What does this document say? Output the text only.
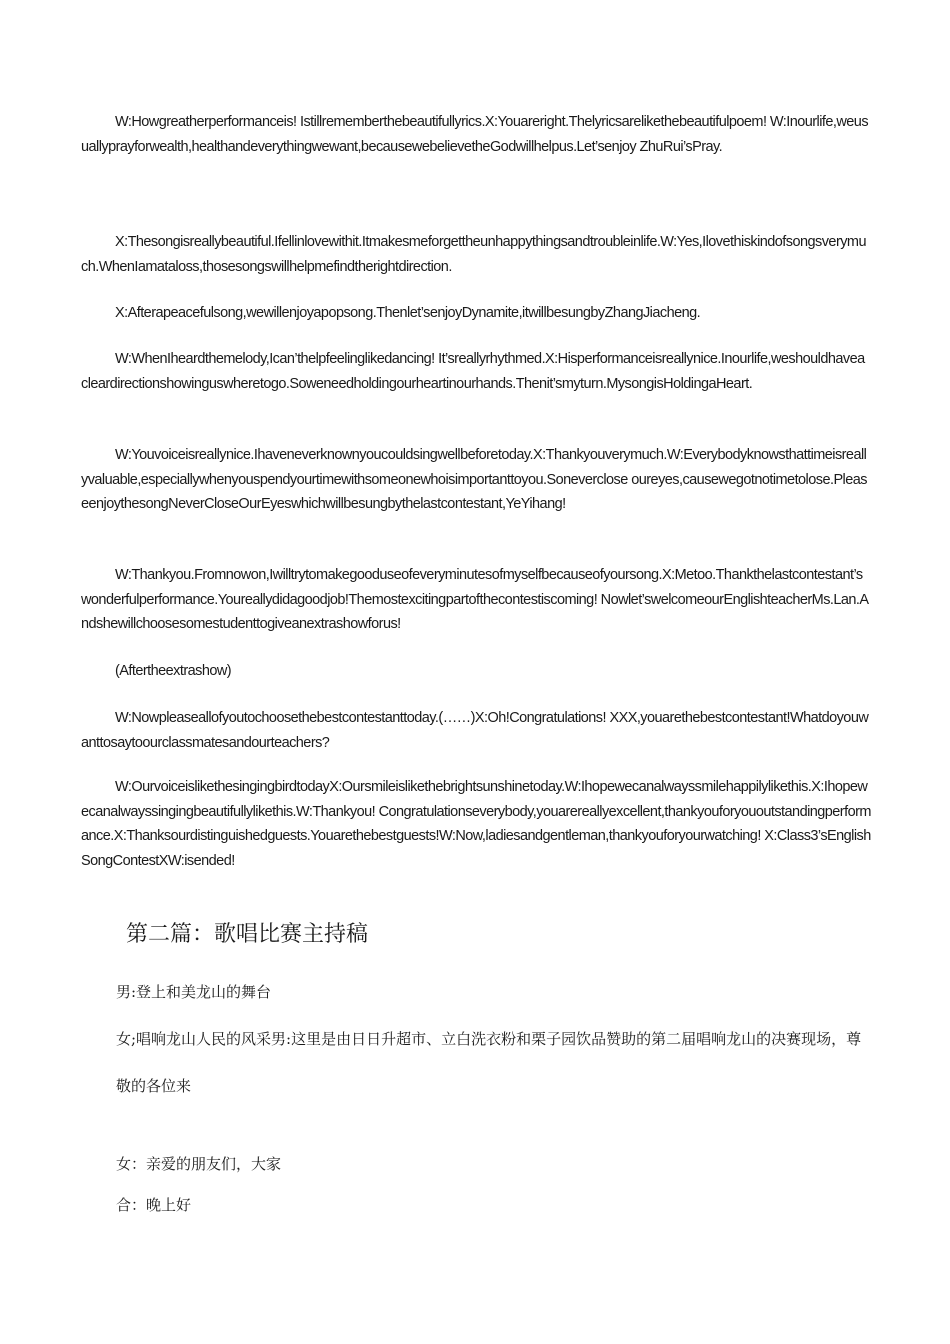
W:Howgreatherperformanceis! Istillrememberthebeautifullyrics.X:Youareright.Thelyricsarelikethebeautifulpoem! W:Inourlife,weusuallyprayforwealth,healthandeverythingwewant,becausewebelievetheGodwillhelpus.Let’senjoy ZhuRui’sPray.

X:Thesongisreallybeautiful.Ifellinlovewithit.Itmakesmeforgettheunhappythingsandtroubleinlife.W:Yes,Ilovethiskindofsongsverymuch.WhenIamataloss,thosesongswillhelpmefindtherightdirection.

X:Afterapeacefulsong,wewillenjoyapopsong.Thenlet’senjoyDynamite,itwillbesungbyZhangJiacheng.

W:WhenIheardthemelody,Ican’thelpfeelinglikedancing! It’sreallyrhythmed.X:Hisperformanceisreallynice.Inourlife,weshouldhaveacleardirectionshowinguswheretogo.Soweneedholdingourheartinourhands.Thenit’smyturn.MysongisHoldingaHeart.

W:Youvoiceisreallynice.Ihaveneverknownyoucouldsingwellbeforetoday.X:Thankyouverymuch.W:Everybodyknowsthattimeisreallyvaluable,especiallywhenyouspendyourtimewithsomeonewhoisimportanttoyou.Soneverclose oureyes,causewegotnotimetolose.PleaseenjoythesongNeverCloseOurEyeswhichwillbesungbythelastcontestant,YeYihang!

W:Thankyou.Fromnowon,Iwilltrytomakegooduseofeveryminutesofmyselfbecauseofyoursong.X:Metoo.Thankthelastcontestant’swonderfulperformance.Youreallydidagoodjob!Themostexcitingpartofthecontestiscoming! Nowlet’swelcomeourEnglishteacherMs.Lan.Andshewillchoosesomestudenttogiveanextrashowforus!

(Aftertheextrashow)

W:Nowpleaseallofyoutochoosethebestcontestanttoday.(……)X:Oh!Congratulations! XXX,youarethebestcontestant!Whatdoyouwanttosaytoourclassmatesandourteachers?

W:OurvoiceislikethesingingbirdtodayX:Oursmileislikethebrightsunshinetoday.W:Ihopewecanalwayssmilehappilylikethis.X:Ihopewecanalwayssingingbeautifullylikethis.W:Thankyou! Congratulationseverybody,youarereallyexcellent,thankyouforyououtstandingperformance.X:Thanksourdistinguishedguests.Youarethebestguests!W:Now,ladiesandgentleman,thankyouforyourwatching! X:Class3’sEnglishSongContestXW:isended!

第二篇：歌唱比赛主持稿

男:登上和美龙山的舞台

女;唱响龙山人民的风采男:这里是由日日升超市、立白洗衣粉和栗子园饮品赞助的第二届唱响龙山的决赛现场，尊敬的各位来

女：亲爱的朋友们，大家

合：晚上好
